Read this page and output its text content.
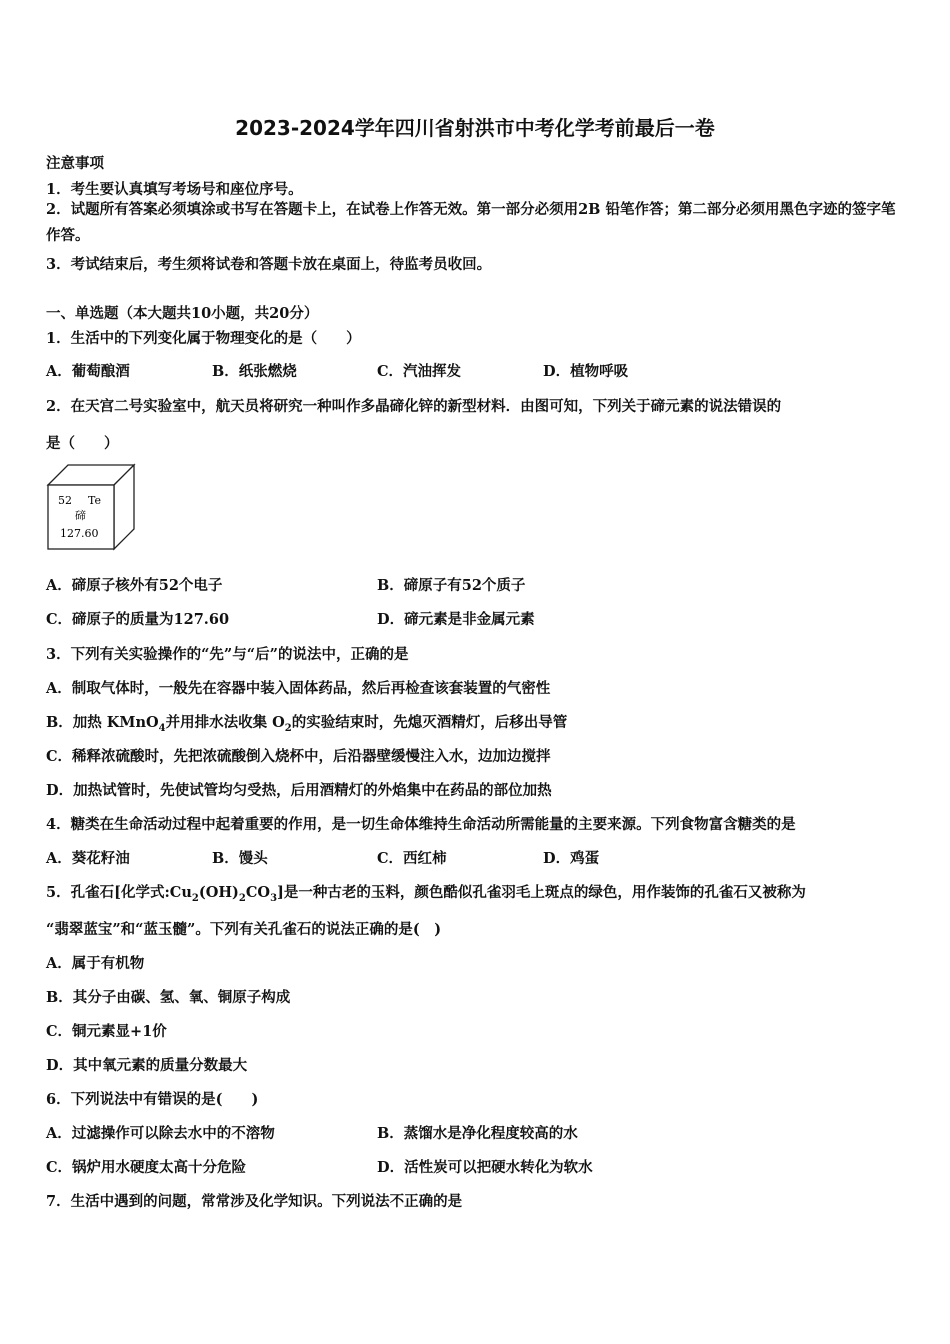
2023-2024学年四川省射洪市中考化学考前最后一卷
注意事项
1．考生要认真填写考场号和座位序号。
2．试题所有答案必须填涂或书写在答题卡上，在试卷上作答无效。第一部分必须用2B 铅笔作答；第二部分必须用黑色字迹的签字笔作答。
3．考试结束后，考生须将试卷和答题卡放在桌面上，待监考员收回。
一、单选题（本大题共10小题，共20分）
1．生活中的下列变化属于物理变化的是（　　）
A．葡萄酿酒	B．纸张燃烧	C．汽油挥发	D．植物呼吸
2．在天宫二号实验室中，航天员将研究一种叫作多晶碲化锌的新型材料．由图可知，下列关于碲元素的说法错误的
是（　　）
52 Te
碲
127.60
A．碲原子核外有52个电子	B．碲原子有52个质子
C．碲原子的质量为127.60	D．碲元素是非金属元素
3．下列有关实验操作的“先”与“后”的说法中，正确的是
A．制取气体时，一般先在容器中装入固体药品，然后再检查该套装置的气密性
B．加热 KMnO$_4$并用排水法收集 $O_2$的实验结束时，先熄灭酒精灯，后移出导管
C．稀释浓硫酸时，先把浓硫酸倒入烧杯中，后沿器壁缓慢注入水，边加边搅拌
D．加热试管时，先使试管均匀受热，后用酒精灯的外焰集中在药品的部位加热
4．糖类在生命活动过程中起着重要的作用，是一切生命体维持生命活动所需能量的主要来源。下列食物富含糖类的是
A．葵花籽油	B．馒头	C．西红柿	D．鸡蛋
5．孔雀石[化学式$:Cu_2(OH)_2CO_3$]是一种古老的玉料，颜色酷似孔雀羽毛上斑点的绿色，用作装饰的孔雀石又被称为
“翡翠蓝宝”和“蓝玉髓”。下列有关孔雀石的说法正确的是(　)
A．属于有机物
B．其分子由碳、氢、氧、铜原子构成
C．铜元素显+1价
D．其中氧元素的质量分数最大
6．下列说法中有错误的是(　　)
A．过滤操作可以除去水中的不溶物	B．蒸馏水是净化程度较高的水
C．锅炉用水硬度太高十分危险	D．活性炭可以把硬水转化为软水
7．生活中遇到的问题，常常涉及化学知识。下列说法不正确的是
